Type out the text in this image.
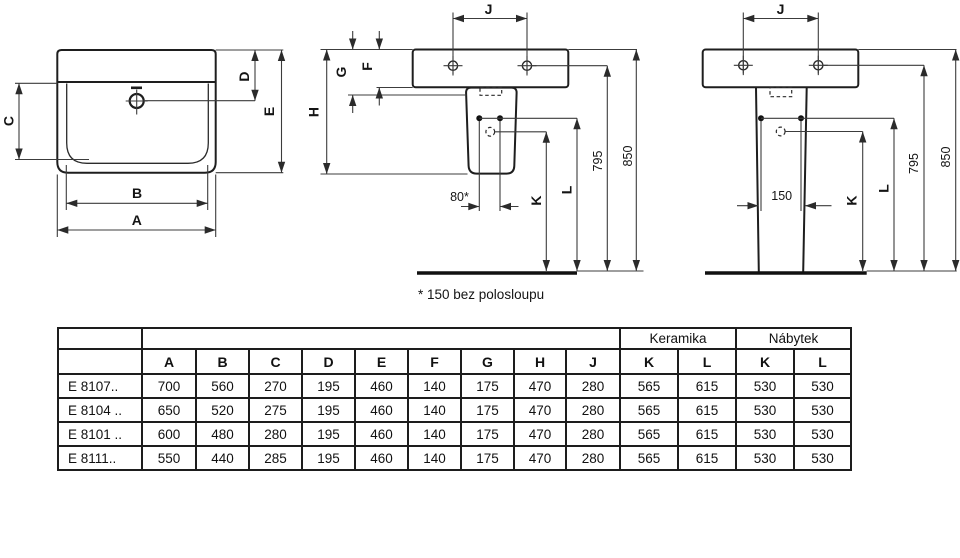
C
D
E
B
A
J
G
F
H
80*	K
L
795 850
J
150	K
L
795 850
* 150 bez polosloupu
										Keramika		Nábytek	
	A	B	C	D	E	F	G	H	J	K	L	K	L
E 8107..	700	560	270	195	460	140	175	470	280	565	615	530	530
E 8104 ..	650	520	275	195	460	140	175	470	280	565	615	530	530
E 8101 ..	600	480	280	195	460	140	175	470	280	565	615	530	530
E 8111..	550	440	285	195	460	140	175	470	280	565	615	530	530
